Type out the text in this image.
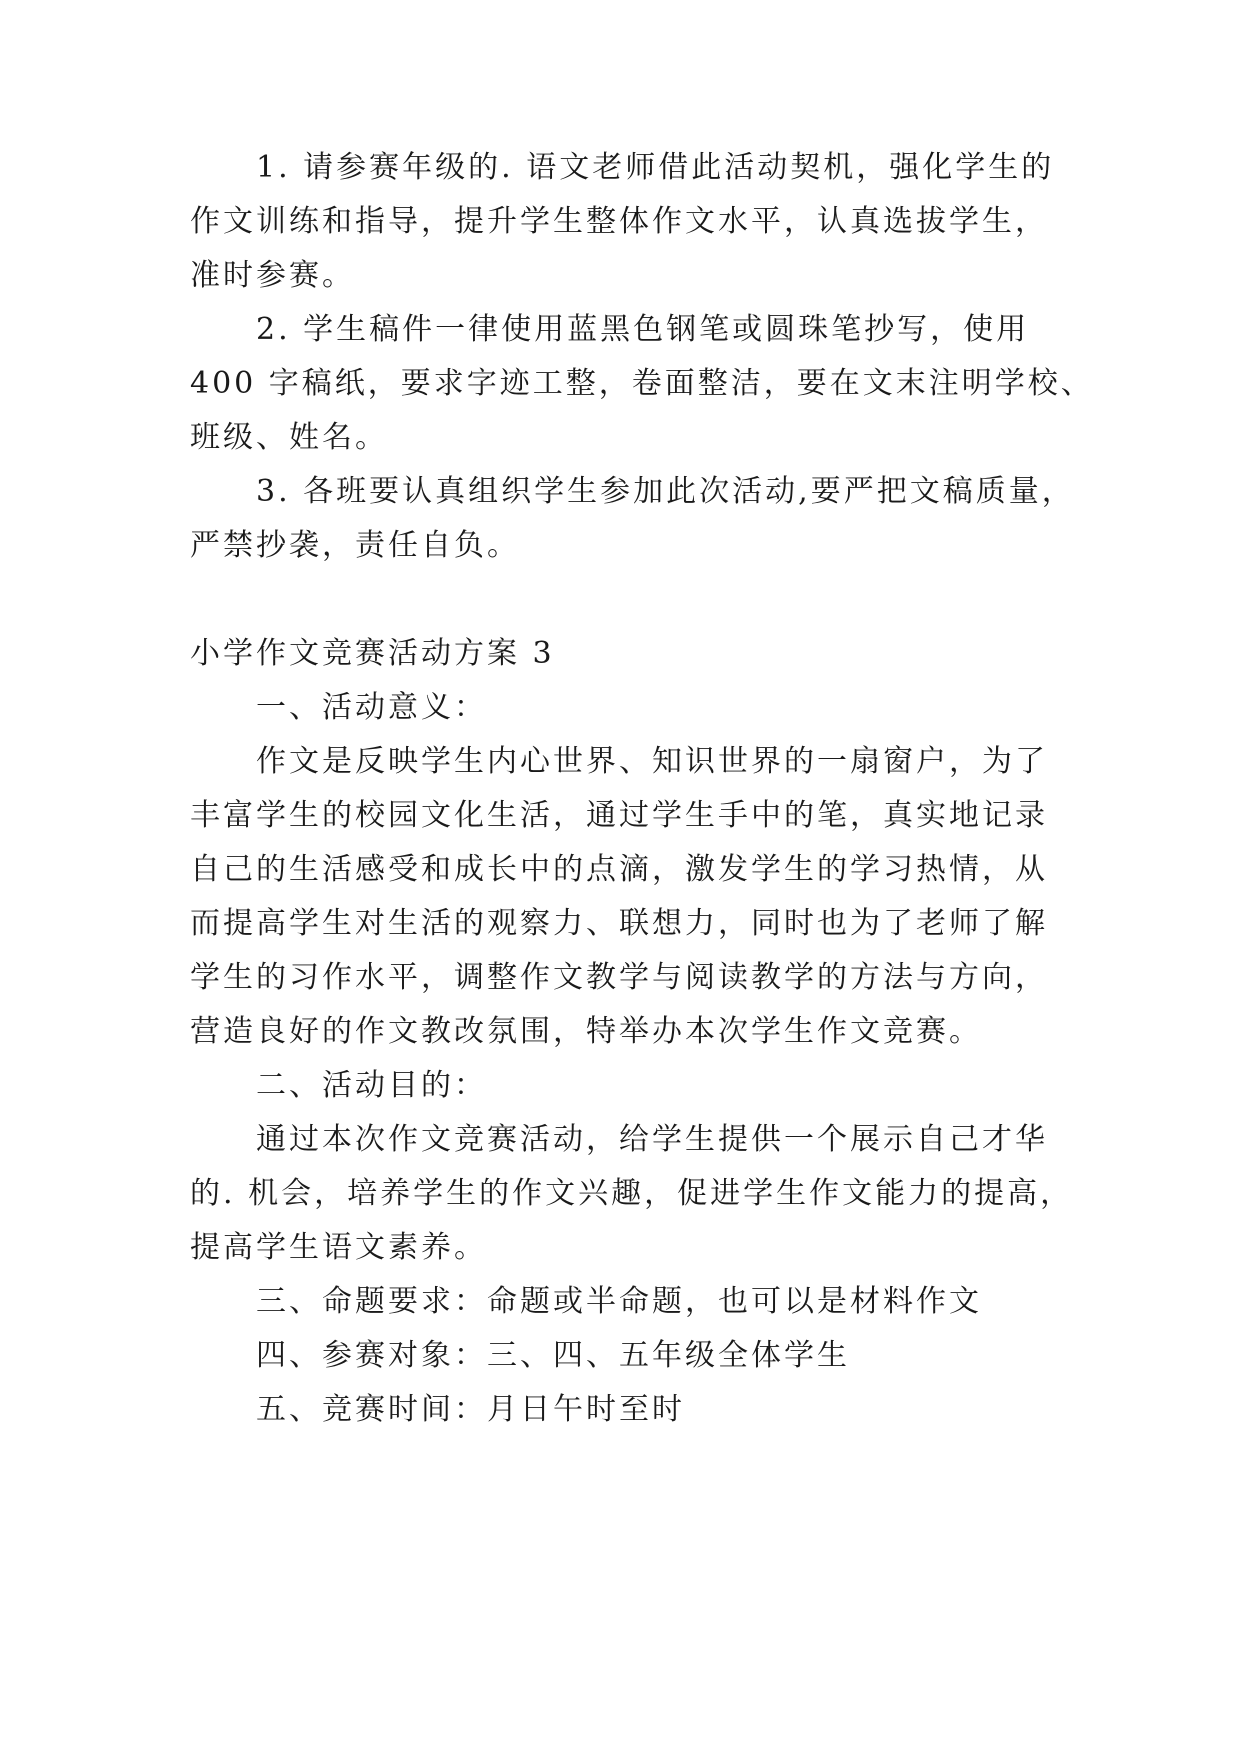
1. 请参赛年级的. 语文老师借此活动契机，强化学生的
作文训练和指导，提升学生整体作文水平，认真选拔学生，
准时参赛。
2. 学生稿件一律使用蓝黑色钢笔或圆珠笔抄写，使用
400 字稿纸，要求字迹工整，卷面整洁，要在文末注明学校、
班级、姓名。
3. 各班要认真组织学生参加此次活动,要严把文稿质量，
严禁抄袭，责任自负。
小学作文竞赛活动方案 3
一、活动意义：
作文是反映学生内心世界、知识世界的一扇窗户，为了
丰富学生的校园文化生活，通过学生手中的笔，真实地记录
自己的生活感受和成长中的点滴，激发学生的学习热情，从
而提高学生对生活的观察力、联想力，同时也为了老师了解
学生的习作水平，调整作文教学与阅读教学的方法与方向，
营造良好的作文教改氛围，特举办本次学生作文竞赛。
二、活动目的：
通过本次作文竞赛活动，给学生提供一个展示自己才华
的. 机会，培养学生的作文兴趣，促进学生作文能力的提高，
提高学生语文素养。
三、命题要求：命题或半命题，也可以是材料作文
四、参赛对象：三、四、五年级全体学生
五、竞赛时间：月日午时至时
